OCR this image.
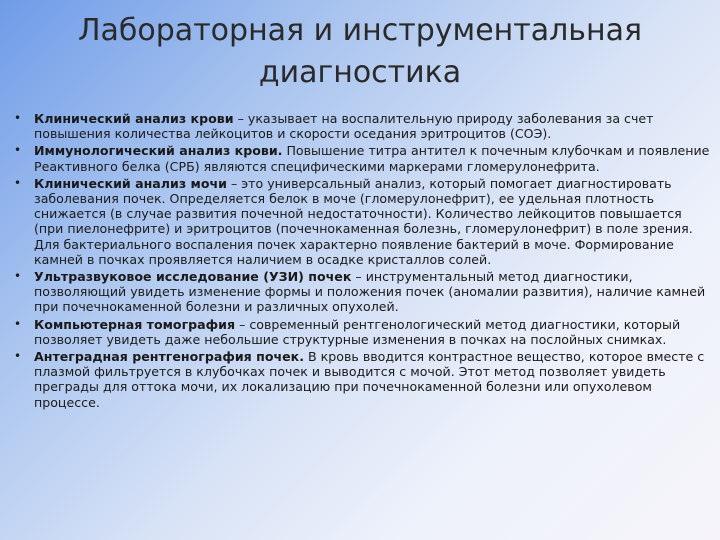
Лабораторная и инструментальная
диагностика
• Клинический анализ крови – указывает на воспалительную природу заболевания за счет повышения количества лейкоцитов и скорости оседания эритроцитов (СОЭ).
• Иммунологический анализ крови. Повышение титра антител к почечным клубочкам и появление Реактивного белка (СРБ) являются специфическими маркерами гломерулонефрита.
• Клинический анализ мочи – это универсальный анализ, который помогает диагностировать заболевания почек. Определяется белок в моче (гломерулонефрит), ее удельная плотность снижается (в случае развития почечной недостаточности). Количество лейкоцитов повышается (при пиелонефрите) и эритроцитов (почечнокаменная болезнь, гломерулонефрит) в поле зрения. Для бактериального воспаления почек характерно появление бактерий в моче. Формирование камней в почках проявляется наличием в осадке кристаллов солей.
• Ультразвуковое исследование (УЗИ) почек – инструментальный метод диагностики, позволяющий увидеть изменение формы и положения почек (аномалии развития), наличие камней при почечнокаменной болезни и различных опухолей.
• Компьютерная томография – современный рентгенологический метод диагностики, который позволяет увидеть даже небольшие структурные изменения в почках на послойных снимках.
• Антеградная рентгенография почек. В кровь вводится контрастное вещество, которое вместе с плазмой фильтруется в клубочках почек и выводится с мочой. Этот метод позволяет увидеть преграды для оттока мочи, их локализацию при почечнокаменной болезни или опухолевом процессе.
